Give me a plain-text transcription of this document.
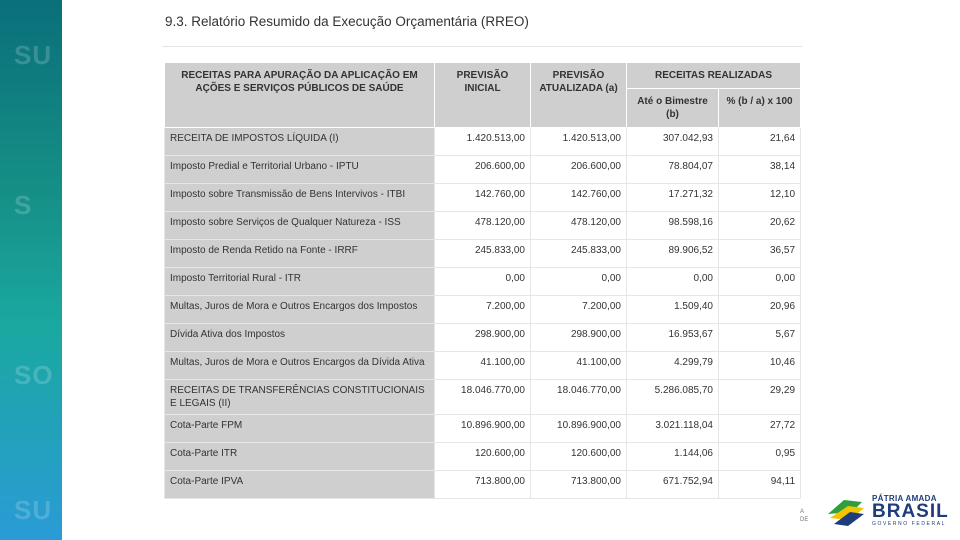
SU
S
SO
SU
9.3. Relatório Resumido da Execução Orçamentária (RREO)
RECEITAS PARA APURAÇÃO DA APLICAÇÃO EM AÇÕES E SERVIÇOS PÚBLICOS DE SAÚDE	PREVISÃO INICIAL	PREVISÃO ATUALIZADA (a)	RECEITAS REALIZADAS	
			Até o Bimestre (b)	% (b / a) x 100
RECEITA DE IMPOSTOS LÍQUIDA (I)	1.420.513,00	1.420.513,00	307.042,93	21,64
Imposto Predial e Territorial Urbano - IPTU	206.600,00	206.600,00	78.804,07	38,14
Imposto sobre Transmissão de Bens Intervivos - ITBI	142.760,00	142.760,00	17.271,32	12,10
Imposto sobre Serviços de Qualquer Natureza - ISS	478.120,00	478.120,00	98.598,16	20,62
Imposto de Renda Retido na Fonte - IRRF	245.833,00	245.833,00	89.906,52	36,57
Imposto Territorial Rural - ITR	0,00	0,00	0,00	0,00
Multas, Juros de Mora e Outros Encargos dos Impostos	7.200,00	7.200,00	1.509,40	20,96
Dívida Ativa dos Impostos	298.900,00	298.900,00	16.953,67	5,67
Multas, Juros de Mora e Outros Encargos da Dívida Ativa	41.100,00	41.100,00	4.299,79	10,46
RECEITAS DE TRANSFERÊNCIAS CONSTITUCIONAIS E LEGAIS (II)	18.046.770,00	18.046.770,00	5.286.085,70	29,29
Cota-Parte FPM	10.896.900,00	10.896.900,00	3.021.118,04	27,72
Cota-Parte ITR	120.600,00	120.600,00	1.144,06	0,95
Cota-Parte IPVA	713.800,00	713.800,00	671.752,94	94,11
A
DE
PÁTRIA AMADA
BRASIL
GOVERNO FEDERAL
